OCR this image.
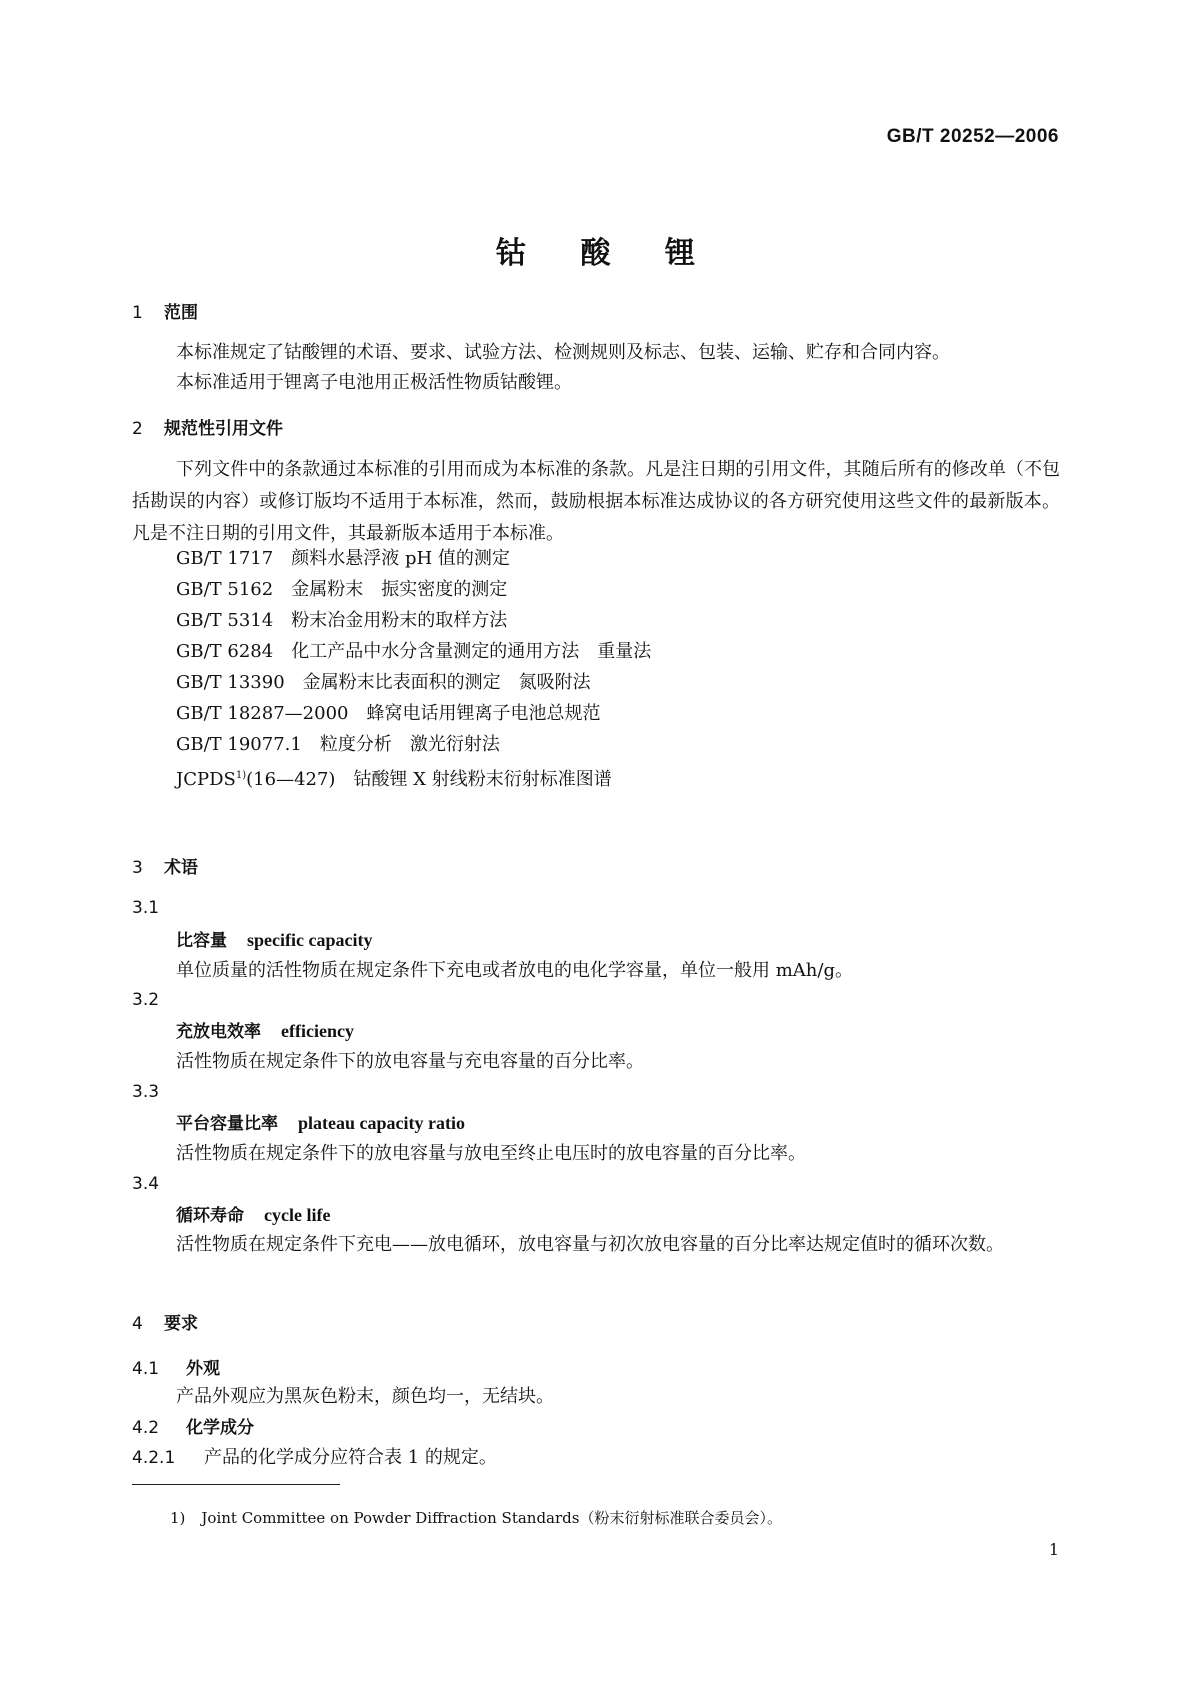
GB/T 20252—2006
钴 酸 锂
1 范围
本标准规定了钴酸锂的术语、要求、试验方法、检测规则及标志、包装、运输、贮存和合同内容。
本标准适用于锂离子电池用正极活性物质钴酸锂。
2 规范性引用文件
下列文件中的条款通过本标准的引用而成为本标准的条款。凡是注日期的引用文件，其随后所有的修改单（不包括勘误的内容）或修订版均不适用于本标准，然而，鼓励根据本标准达成协议的各方研究使用这些文件的最新版本。凡是不注日期的引用文件，其最新版本适用于本标准。
GB/T 1717 颜料水悬浮液 pH 值的测定
GB/T 5162 金属粉末　振实密度的测定
GB/T 5314 粉末冶金用粉末的取样方法
GB/T 6284 化工产品中水分含量测定的通用方法　重量法
GB/T 13390 金属粉末比表面积的测定　氮吸附法
GB/T 18287—2000 蜂窝电话用锂离子电池总规范
GB/T 19077.1 粒度分析　激光衍射法
JCPDS$^{1)}$(16—427) 钴酸锂 X 射线粉末衍射标准图谱
3 术语
3.1
比容量 specific capacity
单位质量的活性物质在规定条件下充电或者放电的电化学容量，单位一般用 mAh/g。
3.2
充放电效率 efficiency
活性物质在规定条件下的放电容量与充电容量的百分比率。
3.3
平台容量比率 plateau capacity ratio
活性物质在规定条件下的放电容量与放电至终止电压时的放电容量的百分比率。
3.4
循环寿命 cycle life
活性物质在规定条件下充电——放电循环，放电容量与初次放电容量的百分比率达规定值时的循环次数。
4 要求
4.1 外观
产品外观应为黑灰色粉末，颜色均一，无结块。
4.2 化学成分
4.2.1 产品的化学成分应符合表 1 的规定。
1) Joint Committee on Powder Diffraction Standards（粉末衍射标准联合委员会）。
1
